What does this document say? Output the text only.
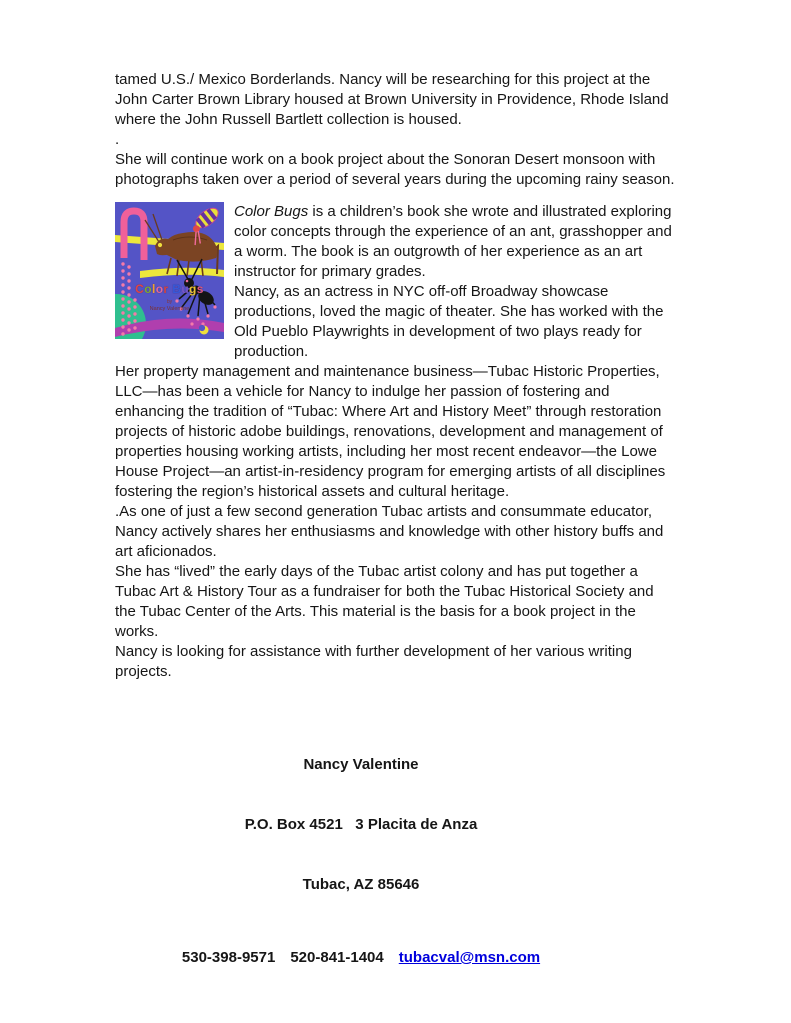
tamed U.S./ Mexico Borderlands. Nancy will be researching for this project at the John Carter Brown Library housed at Brown University in Providence, Rhode Island where the John Russell Bartlett collection is housed.

.

She will continue work on a book project about the Sonoran Desert monsoon with photographs taken over a period of several years during the upcoming rainy season.

Color Bugs
by
Nancy Valentine

Color Bugs is a children’s book she wrote and illustrated exploring color concepts through the experience of an ant, grasshopper and a worm. The book is an outgrowth of her experience as an art instructor for primary grades.

Nancy, as an actress in NYC off-off Broadway showcase productions, loved the magic of theater. She has worked with the Old Pueblo Playwrights in development of two plays ready for production.

Her property management and maintenance business—Tubac Historic Properties, LLC—has been a vehicle for Nancy to indulge her passion of fostering and enhancing the tradition of “Tubac: Where Art and History Meet” through restoration projects of historic adobe buildings, renovations, development and management of properties housing working artists, including her most recent endeavor—the Lowe House Project—an artist-in-residency program for emerging artists of all disciplines fostering the region’s historical assets and cultural heritage.

.As one of just a few second generation Tubac artists and consummate educator, Nancy actively shares her enthusiasms and knowledge with other history buffs and art aficionados.

She has “lived” the early days of the Tubac artist colony and has put together a Tubac Art & History Tour as a fundraiser for both the Tubac Historical Society and the Tubac Center of the Arts. This material is the basis for a book project in the works.

Nancy is looking for assistance with further development of her various writing projects.

Nancy Valentine

P.O. Box 4521   3 Placita de Anza

Tubac, AZ 85646

530-398-9571 520-841-1404 tubacval@msn.com
